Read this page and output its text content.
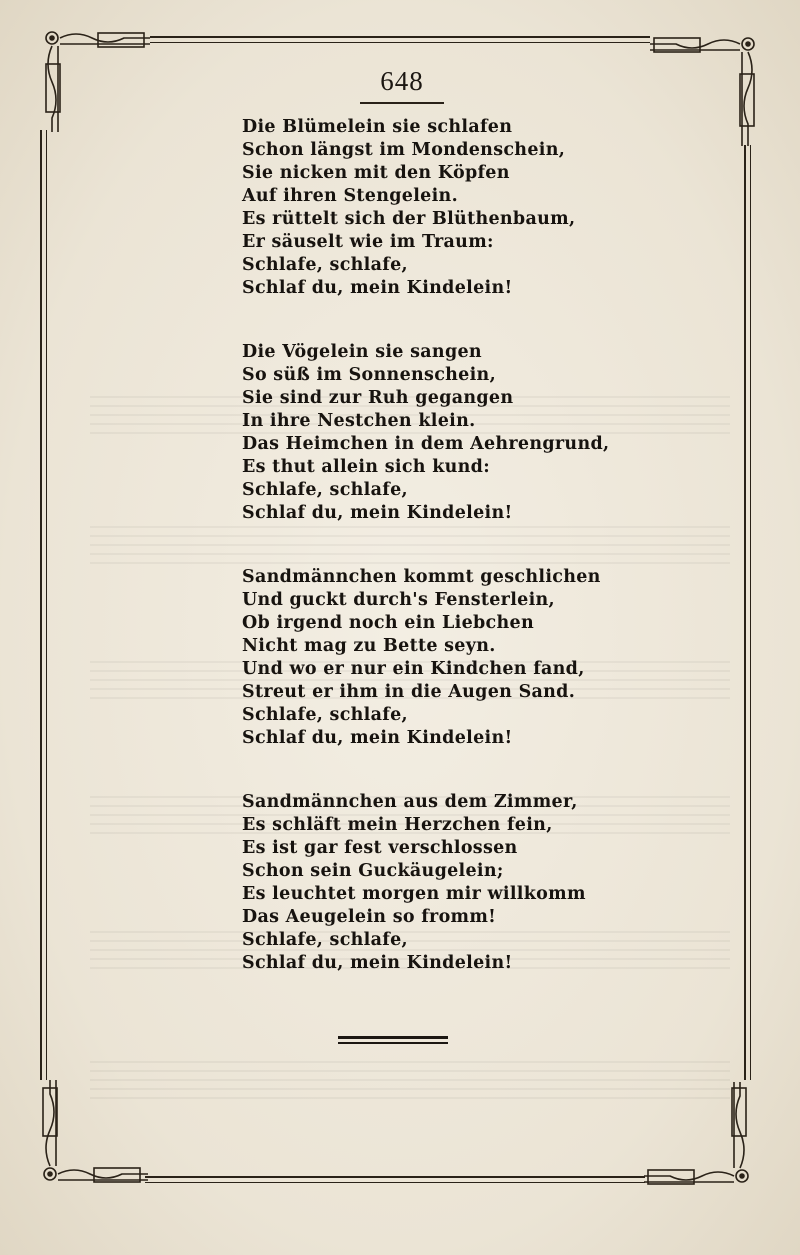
648
Die Blümelein sie schlafen
Schon längst im Mondenschein,
Sie nicken mit den Köpfen
Auf ihren Stengelein.
Es rüttelt sich der Blüthenbaum,
Er säuselt wie im Traum:
Schlafe, schlafe,
Schlaf du, mein Kindelein!
Die Vögelein sie sangen
So süß im Sonnenschein,
Sie sind zur Ruh gegangen
In ihre Nestchen klein.
Das Heimchen in dem Aehrengrund,
Es thut allein sich kund:
Schlafe, schlafe,
Schlaf du, mein Kindelein!
Sandmännchen kommt geschlichen
Und guckt durch's Fensterlein,
Ob irgend noch ein Liebchen
Nicht mag zu Bette seyn.
Und wo er nur ein Kindchen fand,
Streut er ihm in die Augen Sand.
Schlafe, schlafe,
Schlaf du, mein Kindelein!
Sandmännchen aus dem Zimmer,
Es schläft mein Herzchen fein,
Es ist gar fest verschlossen
Schon sein Guckäugelein;
Es leuchtet morgen mir willkomm
Das Aeugelein so fromm!
Schlafe, schlafe,
Schlaf du, mein Kindelein!
